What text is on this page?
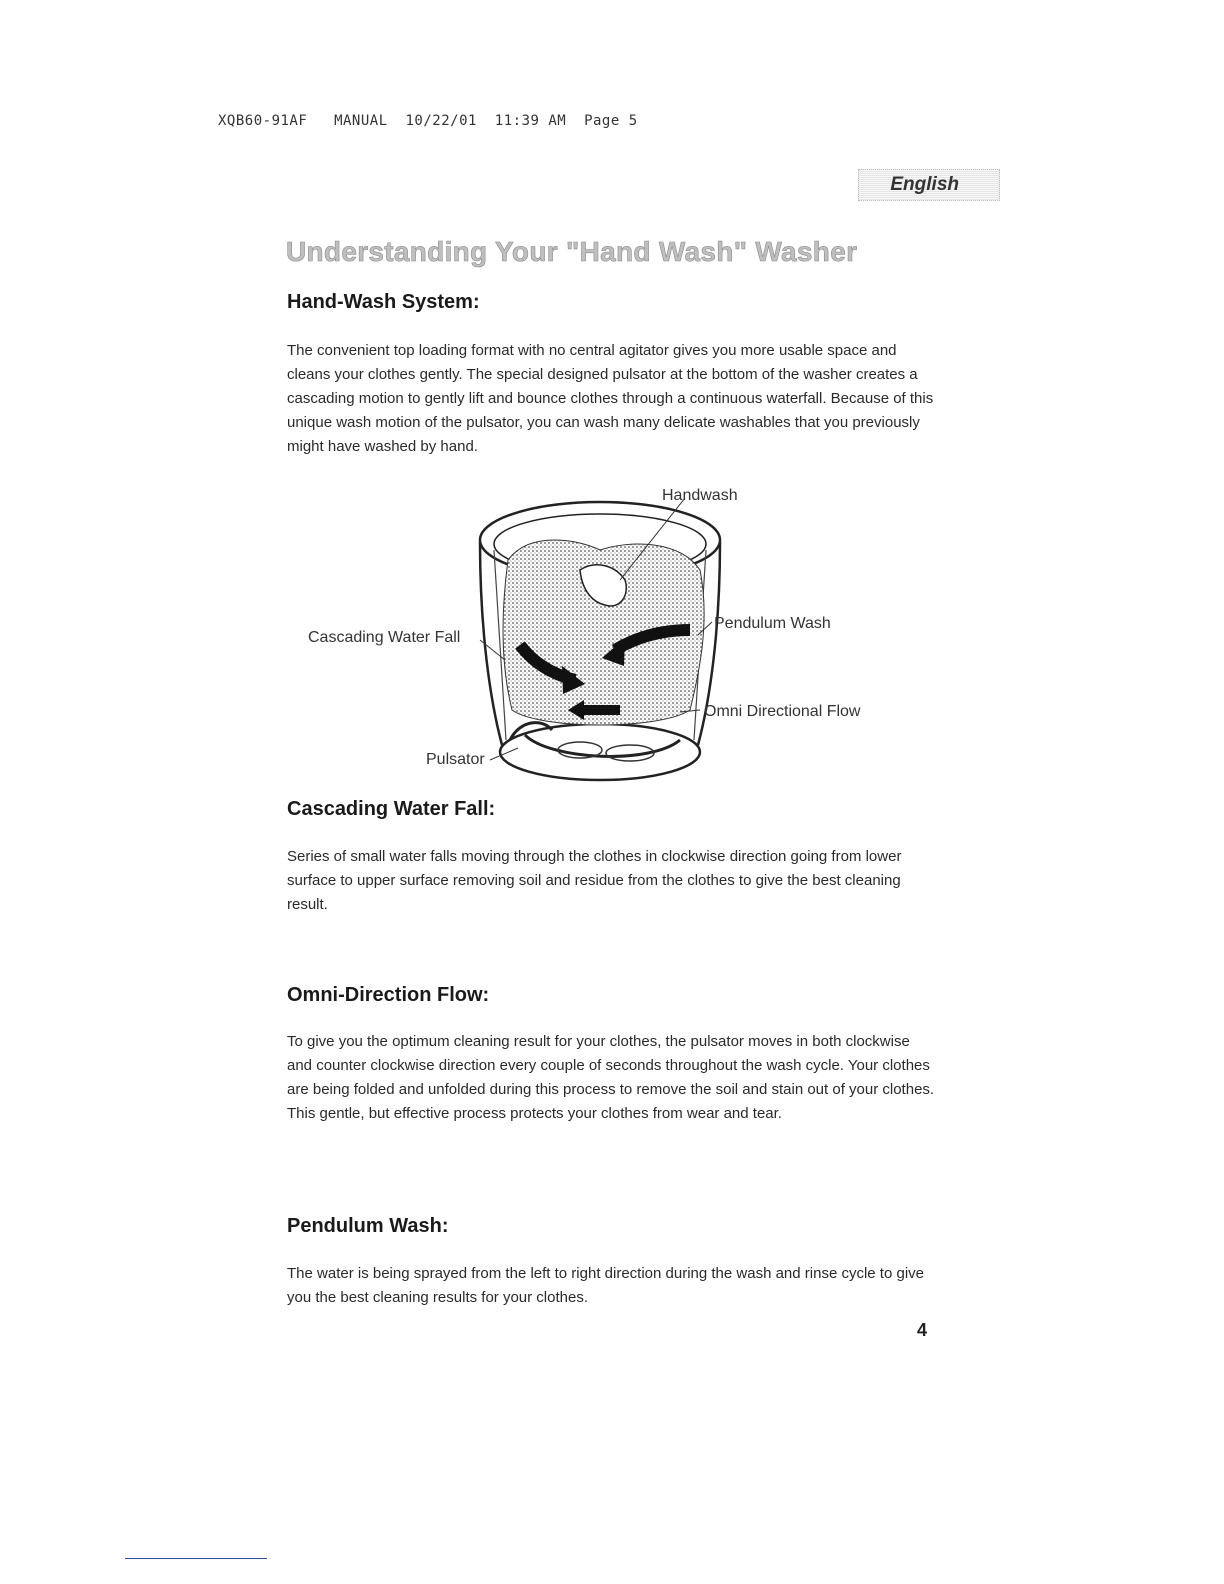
XQB60-91AF   MANUAL  10/22/01  11:39 AM  Page 5
English
Understanding Your "Hand Wash" Washer
Hand-Wash System:

The convenient top loading format with no central agitator gives you more usable space and cleans your clothes gently. The special designed pulsator at the bottom of the washer creates a cascading motion to gently lift and bounce clothes through a continuous waterfall. Because of this unique wash motion of the pulsator, you can wash many delicate washables that you previously might have washed by hand.

Handwash
Pendulum Wash
Cascading Water Fall
Omni Directional Flow
Pulsator
Cascading Water Fall:

Series of small water falls moving through the clothes in clockwise direction going from lower surface to upper surface removing soil and residue from the clothes to give the best cleaning result.

Omni-Direction Flow:

To give you the optimum cleaning result for your clothes, the pulsator moves in both clockwise and counter clockwise direction every couple of seconds throughout the wash cycle. Your clothes are being folded and unfolded during this process to remove the soil and stain out of your clothes. This gentle, but effective process protects your clothes from wear and tear.

Pendulum Wash:

The water is being sprayed from the left to right direction during the wash and rinse cycle to give you the best cleaning results for your clothes.

4
